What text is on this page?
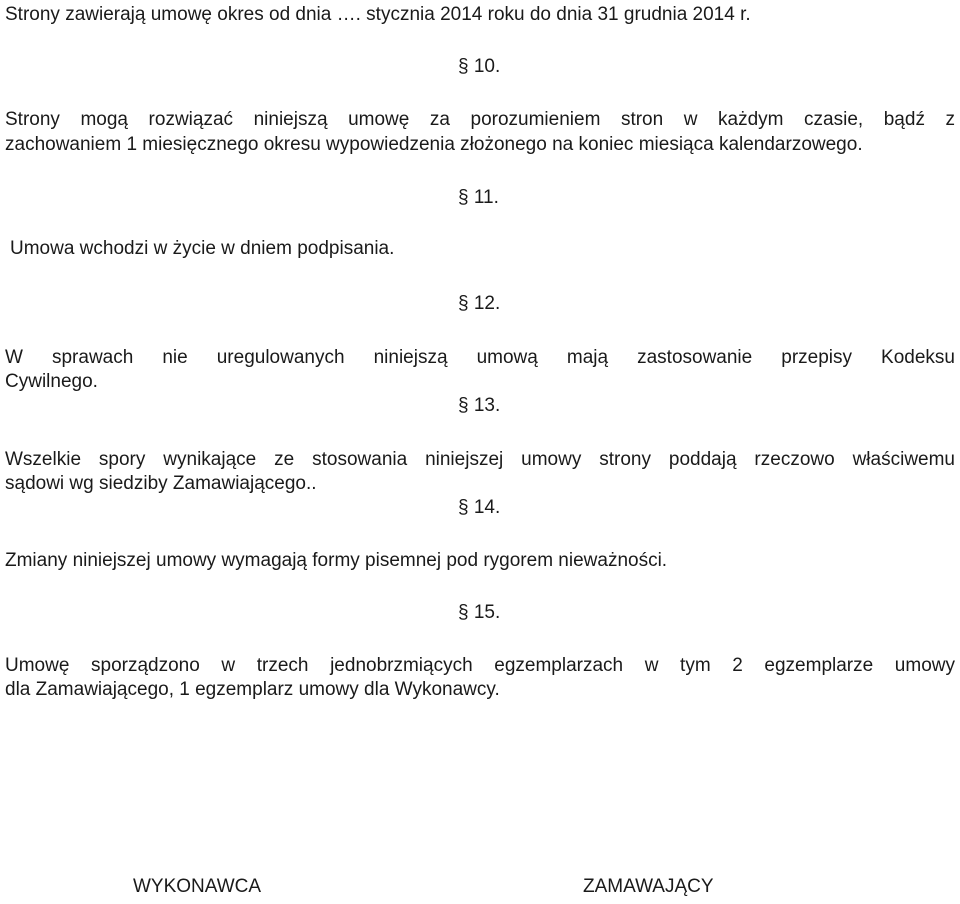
Strony zawierają umowę okres od dnia …. stycznia 2014 roku do dnia 31 grudnia 2014 r.

§ 10.

Strony mogą rozwiązać niniejszą umowę za porozumieniem stron w każdym czasie, bądź z

zachowaniem 1 miesięcznego okresu wypowiedzenia złożonego na koniec miesiąca kalendarzowego.

§ 11.

Umowa wchodzi w życie w dniem podpisania.

§ 12.

W sprawach nie uregulowanych niniejszą umową mają zastosowanie przepisy Kodeksu

Cywilnego.

§ 13.

Wszelkie spory wynikające ze stosowania niniejszej umowy strony poddają rzeczowo właściwemu

sądowi wg siedziby Zamawiającego..

§ 14.

Zmiany niniejszej umowy wymagają formy pisemnej pod rygorem nieważności.

§ 15.

Umowę sporządzono w trzech jednobrzmiących egzemplarzach w tym 2 egzemplarze umowy

dla Zamawiającego, 1 egzemplarz umowy dla Wykonawcy.

WYKONAWCA	ZAMAWAJĄCY
